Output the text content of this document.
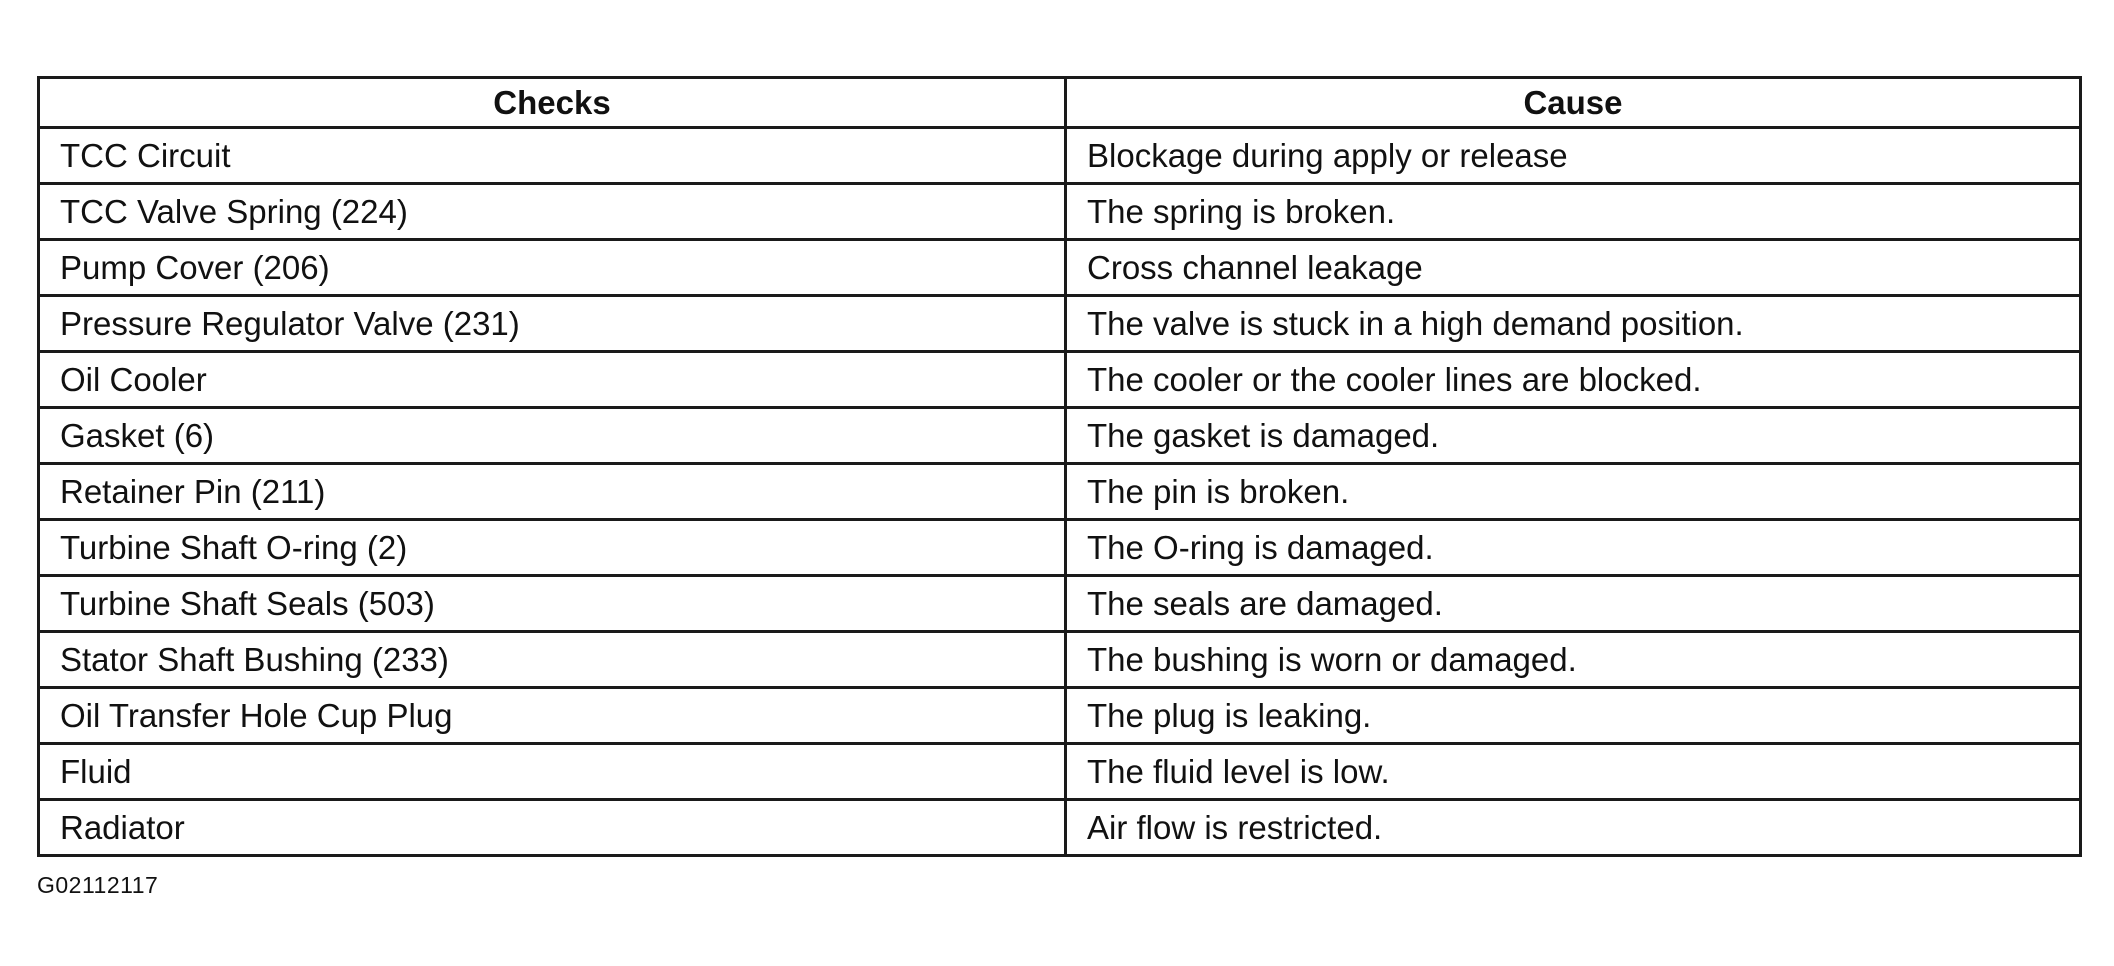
Checks	Cause
TCC Circuit	Blockage during apply or release
TCC Valve Spring (224)	The spring is broken.
Pump Cover (206)	Cross channel leakage
Pressure Regulator Valve (231)	The valve is stuck in a high demand position.
Oil Cooler	The cooler or the cooler lines are blocked.
Gasket (6)	The gasket is damaged.
Retainer Pin (211)	The pin is broken.
Turbine Shaft O-ring (2)	The O-ring is damaged.
Turbine Shaft Seals (503)	The seals are damaged.
Stator Shaft Bushing (233)	The bushing is worn or damaged.
Oil Transfer Hole Cup Plug	The plug is leaking.
Fluid	The fluid level is low.
Radiator	Air flow is restricted.
G02112117
